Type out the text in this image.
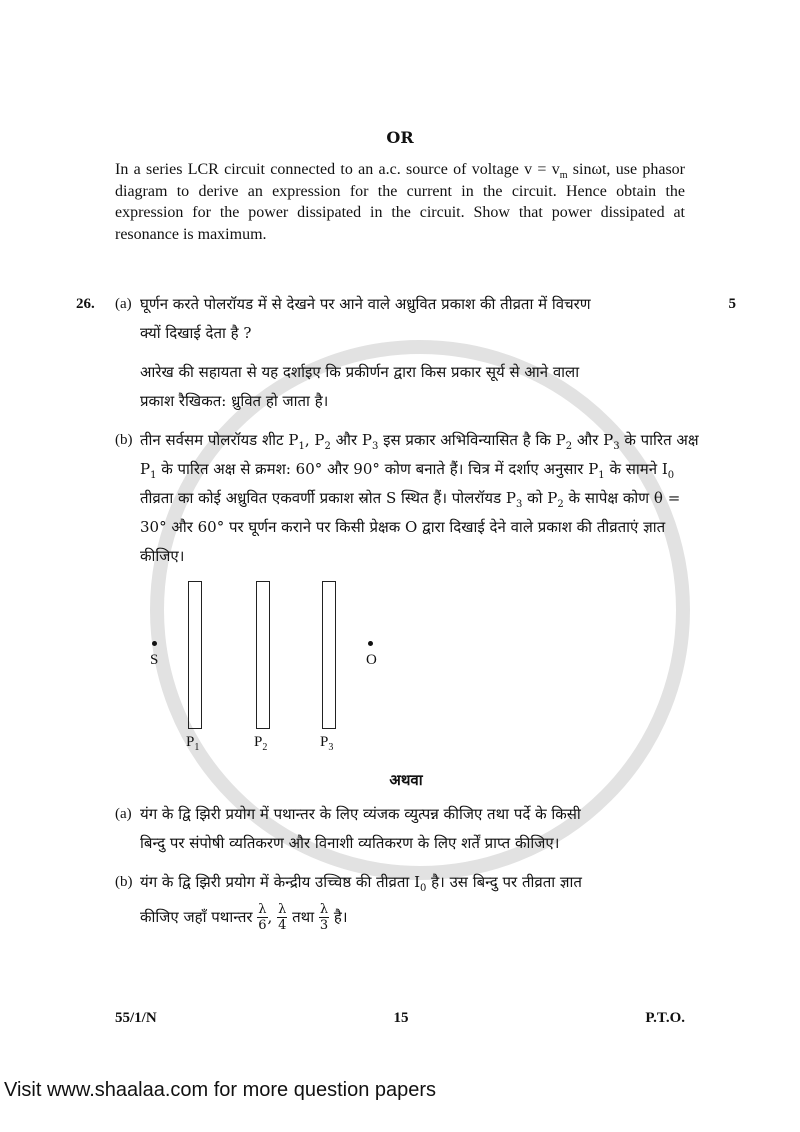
OR
In a series LCR circuit connected to an a.c. source of voltage $v = v_m$ sinωt, use phasor diagram to derive an expression for the current in the circuit. Hence obtain the expression for the power dissipated in the circuit. Show that power dissipated at resonance is maximum.
26.	(a) घूर्णन करते पोलरॉयड में से देखने पर आने वाले अध्रुवित प्रकाश की तीव्रता में विचरण

क्यों दिखाई देता है ?

आरेख की सहायता से यह दर्शाइए कि प्रकीर्णन द्वारा किस प्रकार सूर्य से आने वाला

प्रकाश रैखिकत: ध्रुवित हो जाता है।

5
(b) तीन सर्वसम पोलरॉयड शीट $P_1$, $P_2$ और $P_3$ इस प्रकार अभिविन्यासित है कि $P_2$ और $P_3$ के पारित अक्ष $P_1$ के पारित अक्ष से क्रमश: 60° और 90° कोण बनाते हैं। चित्र में दर्शाए अनुसार $P_1$ के सामने $I_0$ तीव्रता का कोई अध्रुवित एकवर्णी प्रकाश स्रोत S स्थित हैं। पोलरॉयड $P_3$ को $P_2$ के सापेक्ष कोण θ = 30° और 60° पर घूर्णन कराने पर किसी प्रेक्षक O द्वारा दिखाई देने वाले प्रकाश की तीव्रताएं ज्ञात कीजिए।
S	O
$P_1$	$P_2$	$P_3$
अथवा
(a) यंग के द्वि झिरी प्रयोग में पथान्तर के लिए व्यंजक व्युत्पन्न कीजिए तथा पर्दे के किसी

बिन्दु पर संपोषी व्यतिकरण और विनाशी व्यतिकरण के लिए शर्तें प्राप्त कीजिए।

(b) यंग के द्वि झिरी प्रयोग में केन्द्रीय उच्चिष्ठ की तीव्रता $I_0$ है। उस बिन्दु पर तीव्रता ज्ञात

कीजिए जहाँ पथान्तर $\frac{\lambda}{6}$ , $\frac{\lambda}{4}$ तथा $\frac{\lambda}{3}$ है।

55/1/N	15	P.T.O.
Visit www.shaalaa.com for more question papers
